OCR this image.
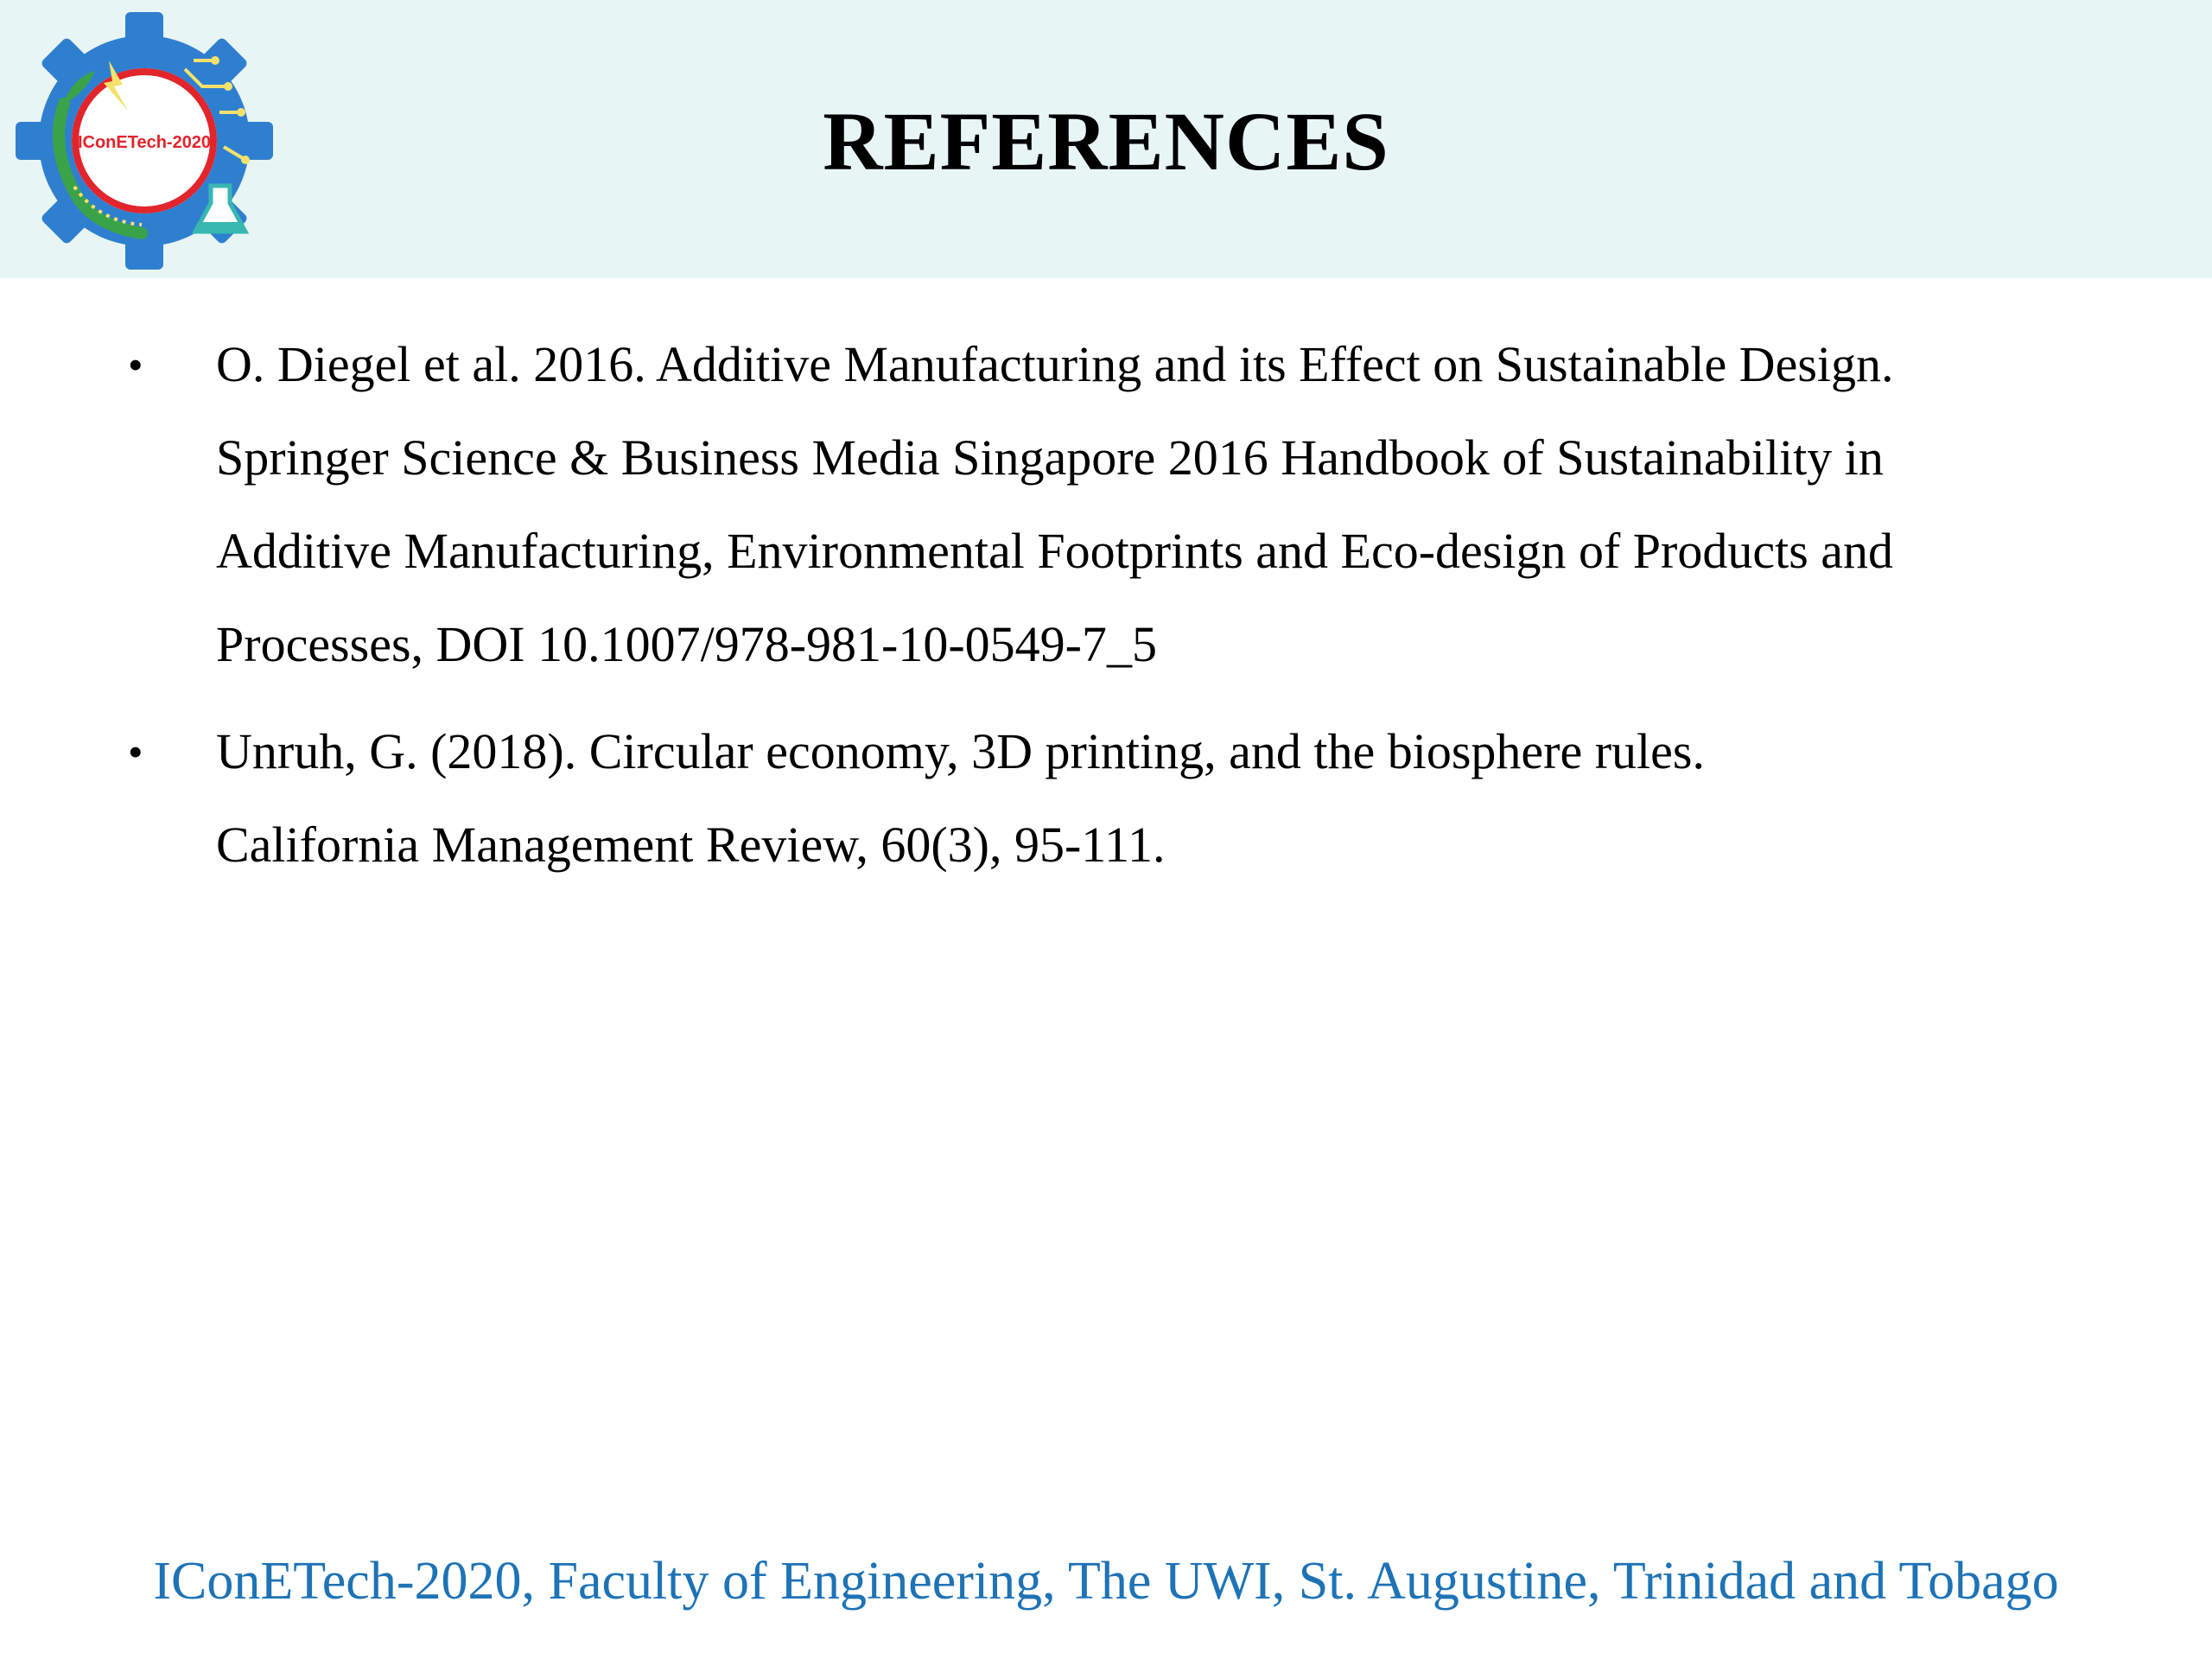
IConETech-2020	REFERENCES
• O. Diegel et al. 2016. Additive Manufacturing and its Effect on Sustainable Design.
Springer Science & Business Media Singapore 2016 Handbook of Sustainability in
Additive Manufacturing, Environmental Footprints and Eco-design of Products and
Processes, DOI 10.1007/978-981-10-0549-7_5
• Unruh, G. (2018). Circular economy, 3D printing, and the biosphere rules.
California Management Review, 60(3), 95-111.
IConETech-2020, Faculty of Engineering, The UWI, St. Augustine, Trinidad and Tobago
